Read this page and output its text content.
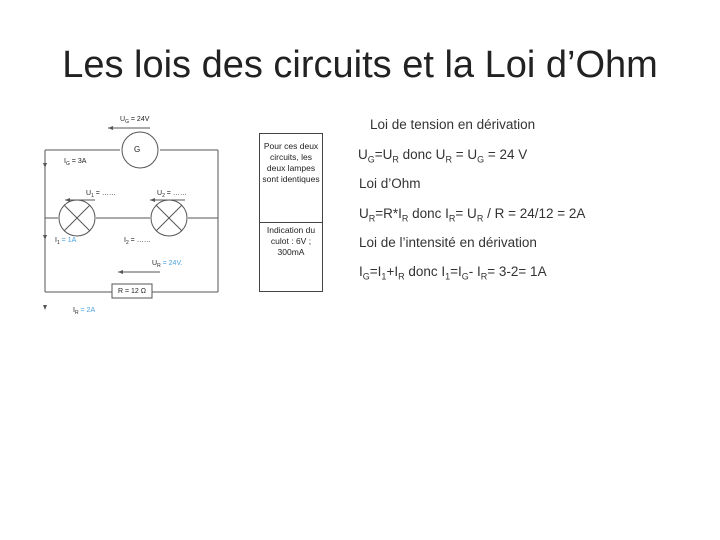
Les lois des circuits et la Loi d’Ohm
G
$U_G = 24V$
$I_G = 3A$
$U_1$ = ……	$U_2$ = ……
$I_1 = 1A$	$I_2$ = ……
$U_R = 24V$.
R = 12 Ω
$I_R = 2A$
Pour ces deux circuits, les deux lampes sont identiques
Indication du culot : 6V ; 300mA
Loi de tension en dérivation
$U_G=U_R$ donc $U_R = U_G = 24$ V
Loi d’Ohm
$U_R=R*I_R$ donc $I_R= U_R / R = 24/12 = 2A$
Loi de l’intensité en dérivation
$I_G=I_1+I_R$ donc $I_1=I_G-$ $I_R= 3-2= 1A$
